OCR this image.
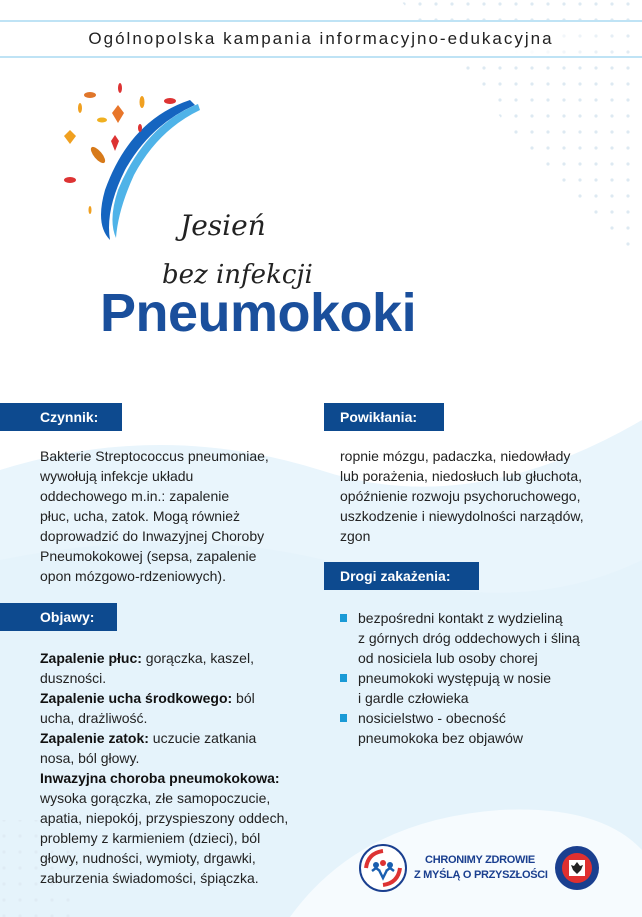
Ogólnopolska kampania informacyjno-edukacyjna
Jesień
bez infekcji
Pneumokoki
Czynnik:
Bakterie Streptococcus pneumoniae,
wywołują infekcje układu
oddechowego m.in.: zapalenie
płuc, ucha, zatok. Mogą również
doprowadzić do Inwazyjnej Choroby
Pneumokokowej (sepsa, zapalenie
opon mózgowo-rdzeniowych).
Objawy:
Zapalenie płuc: gorączka, kaszel,
duszności.
Zapalenie ucha środkowego: ból
ucha, drażliwość.
Zapalenie zatok: uczucie zatkania
nosa, ból głowy.
Inwazyjna choroba pneumokokowa:
wysoka gorączka, złe samopoczucie,
apatia, niepokój, przyspieszony oddech,
problemy z karmieniem (dzieci), ból
głowy, nudności, wymioty, drgawki,
zaburzenia świadomości, śpiączka.
Powikłania:
ropnie mózgu, padaczka, niedowłady
lub porażenia, niedosłuch lub głuchota,
opóźnienie rozwoju psychoruchowego,
uszkodzenie i niewydolności narządów,
zgon
Drogi zakażenia:
bezpośredni kontakt z wydzieliną
z górnych dróg oddechowych i śliną
od nosiciela lub osoby chorej
pneumokoki występują w nosie
i gardle człowieka
nosicielstwo - obecność
pneumokoka bez objawów
CHRONIMY ZDROWIE
Z MYŚLĄ O PRZYSZŁOŚCI
